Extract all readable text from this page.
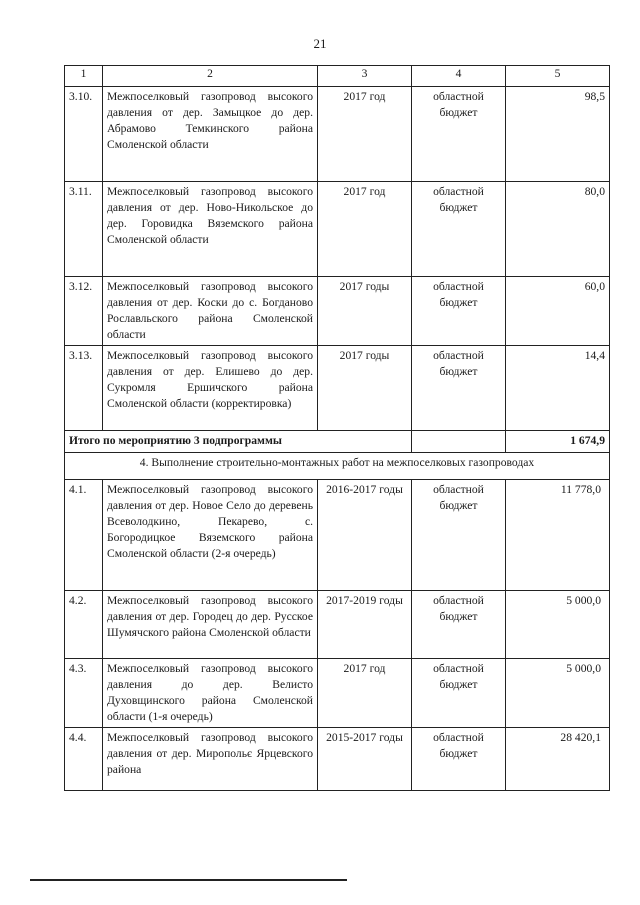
21
1	2	3	4	5
3.10.	Межпоселковый газопровод высокого давления от дер. Замыцкое до дер. Абрамово Темкинского района Смоленской области	2017 год	областной бюджет	98,5
3.11.	Межпоселковый газопровод высокого давления от дер. Ново-Никольское до дер. Горовидка Вяземского района Смоленской области	2017 год	областной бюджет	80,0
3.12.	Межпоселковый газопровод высокого давления от дер. Коски до с. Богданово Рославльского района Смоленской области	2017 годы	областной бюджет	60,0
3.13.	Межпоселковый газопровод высокого давления от дер. Елишево до дер. Сукромля Ершичского района Смоленской области (корректировка)	2017 годы	областной бюджет	14,4
Итого по мероприятию 3 подпрограммы				1 674,9
4. Выполнение строительно-монтажных работ на межпоселковых газопроводах				
4.1.	Межпоселковый газопровод высокого давления от дер. Новое Село до деревень Всеволодкино, Пекарево, с. Богородицкое Вяземского района Смоленской области (2-я очередь)	2016-2017 годы	областной бюджет	11 778,0
4.2.	Межпоселковый газопровод высокого давления от дер. Городец до дер. Русское Шумячского района Смоленской области	2017-2019 годы	областной бюджет	5 000,0
4.3.	Межпоселковый газопровод высокого давления до дер. Велисто Духовщинского района Смоленской области (1-я очередь)	2017 год	областной бюджет	5 000,0
4.4.	Межпоселковый газопровод высокого давления от дер. Миропольє Ярцевского района	2015-2017 годы	областной бюджет	28 420,1
